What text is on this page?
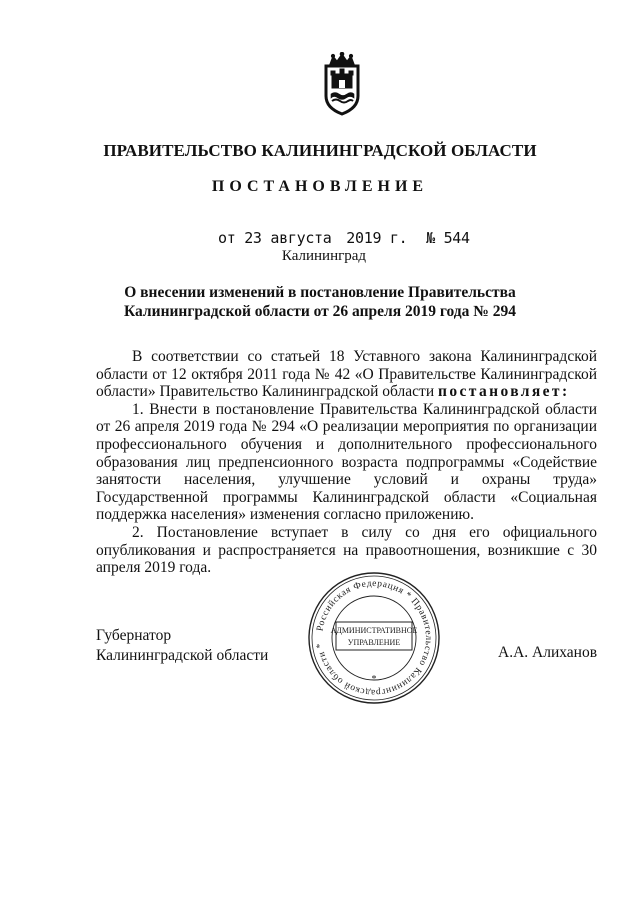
ПРАВИТЕЛЬСТВО КАЛИНИНГРАДСКОЙ ОБЛАСТИ
ПОСТАНОВЛЕНИЕ
от 23 августа 2019 г. № 544
Калининград
О внесении изменений в постановление Правительства
Калининградской области от 26 апреля 2019 года № 294

В соответствии со статьей 18 Уставного закона Калининградской области от 12 октября 2011 года № 42 «О Правительстве Калининградской области» Правительство Калининградской области постановляет:

1. Внести в постановление Правительства Калининградской области от 26 апреля 2019 года № 294 «О реализации мероприятия по организации профессионального обучения и дополнительного профессионального образования лиц предпенсионного возраста подпрограммы «Содействие занятости населения, улучшение условий и охраны труда» Государственной программы Калининградской области «Социальная поддержка населения» изменения согласно приложению.

2. Постановление вступает в силу со дня его официального опубликования и распространяется на правоотношения, возникшие с 30 апреля 2019 года.

Губернатор
Калининградской области	А.А. Алиханов
Российская Федерация * Правительство Калининградской области *
АДМИНИСТРАТИВНОЕ
УПРАВЛЕНИЕ
*
